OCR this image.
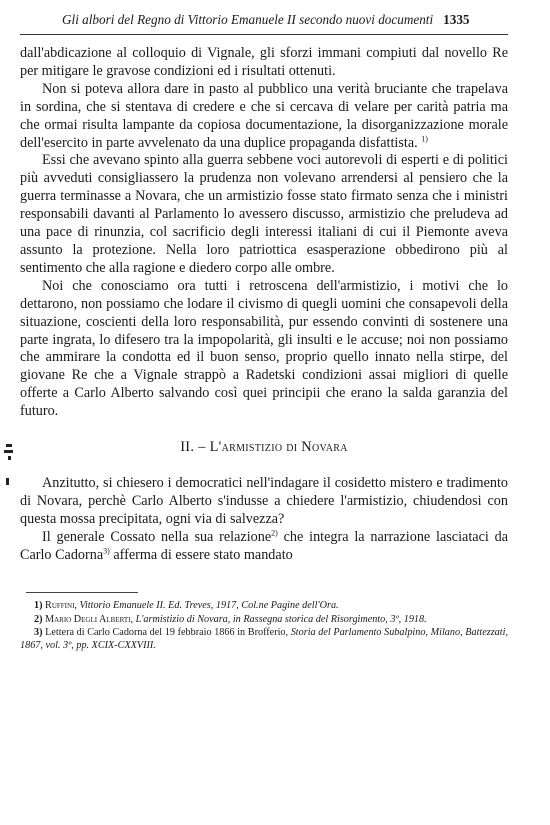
Gli albori del Regno di Vittorio Emanuele II secondo nuovi documenti 1335

dall'abdicazione al colloquio di Vignale, gli sforzi immani compiuti dal novello Re per mitigare le gravose condizioni ed i risultati ottenuti.

Non si poteva allora dare in pasto al pubblico una verità bruciante che trapelava in sordina, che si stentava di credere e che si cercava di velare per carità patria ma che ormai risulta lampante da copiosa documentazione, la disorganizzazione morale dell'esercito in parte avvelenato da una duplice propaganda disfattista. $^{1)}$

Essi che avevano spinto alla guerra sebbene voci autorevoli di esperti e di politici più avveduti consigliassero la prudenza non volevano arrendersi al pensiero che la guerra terminasse a Novara, che un armistizio fosse stato firmato senza che i ministri responsabili davanti al Parlamento lo avessero discusso, armistizio che preludeva ad una pace di rinunzia, col sacrificio degli interessi italiani di cui il Piemonte aveva assunto la protezione. Nella loro patriottica esasperazione obbedirono più al sentimento che alla ragione e diedero corpo alle ombre.

Noi che conosciamo ora tutti i retroscena dell'armistizio, i motivi che lo dettarono, non possiamo che lodare il civismo di quegli uomini che consapevoli della situazione, coscienti della loro responsabilità, pur essendo convinti di sostenere una parte ingrata, lo difesero tra la impopolarità, gli insulti e le accuse; noi non possiamo che ammirare la condotta ed il buon senso, proprio quello innato nella stirpe, del giovane Re che a Vignale strappò a Radetski condizioni assai migliori di quelle offerte a Carlo Alberto salvando così quei principii che erano la salda garanzia del futuro.

II. – L'armistizio di Novara

Anzitutto, si chiesero i democratici nell'indagare il cosidetto mistero e tradimento di Novara, perchè Carlo Alberto s'indusse a chiedere l'armistizio, chiudendosi con questa mossa precipitata, ogni via di salvezza?

Il generale Cossato nella sua relazione$^{2)}$ che integra la narrazione lasciataci da Carlo Cadorna$^{3)}$ afferma di essere stato mandato

1) Ruffini, Vittorio Emanuele II. Ed. Treves, 1917, Col.ne Pagine dell'Ora.

2) Mario Degli Alberti, L'armistizio di Novara, in Rassegna storica del Risorgimento, 3º, 1918.

3) Lettera di Carlo Cadorna del 19 febbraio 1866 in Brofferio, Storia del Parlamento Subalpino, Milano, Battezzati, 1867, vol. 3º, pp. XCIX-CXXVIII.
